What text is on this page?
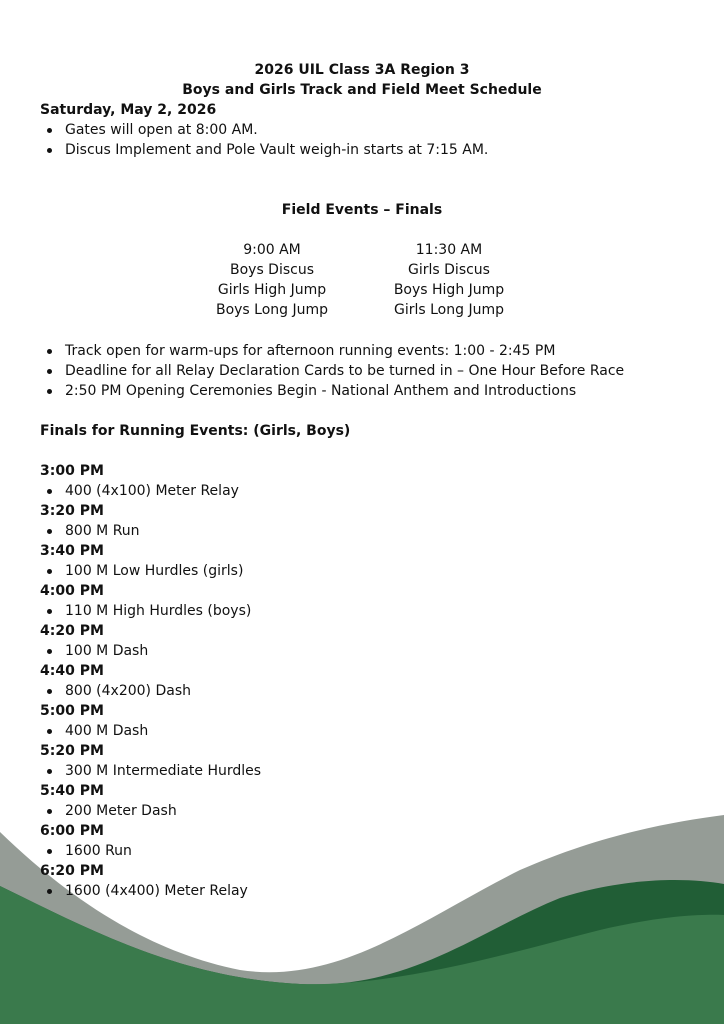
2026 UIL Class 3A Region 3
Boys and Girls Track and Field Meet Schedule
Saturday, May 2, 2026
Gates will open at 8:00 AM.
Discus Implement and Pole Vault weigh-in starts at 7:15 AM.
Field Events – Finals
9:00 AM
Boys Discus
Girls High Jump
Boys Long Jump
11:30 AM
Girls Discus
Boys High Jump
Girls Long Jump
Track open for warm-ups for afternoon running events: 1:00 - 2:45 PM
Deadline for all Relay Declaration Cards to be turned in – One Hour Before Race
2:50 PM Opening Ceremonies Begin - National Anthem and Introductions
Finals for Running Events: (Girls, Boys)
3:00 PM
400 (4x100) Meter Relay
3:20 PM
800 M Run
3:40 PM
100 M Low Hurdles (girls)
4:00 PM
110 M High Hurdles (boys)
4:20 PM
100 M Dash
4:40 PM
800 (4x200) Dash
5:00 PM
400 M Dash
5:20 PM
300 M Intermediate Hurdles
5:40 PM
200 Meter Dash
6:00 PM
1600 Run
6:20 PM
1600 (4x400) Meter Relay
